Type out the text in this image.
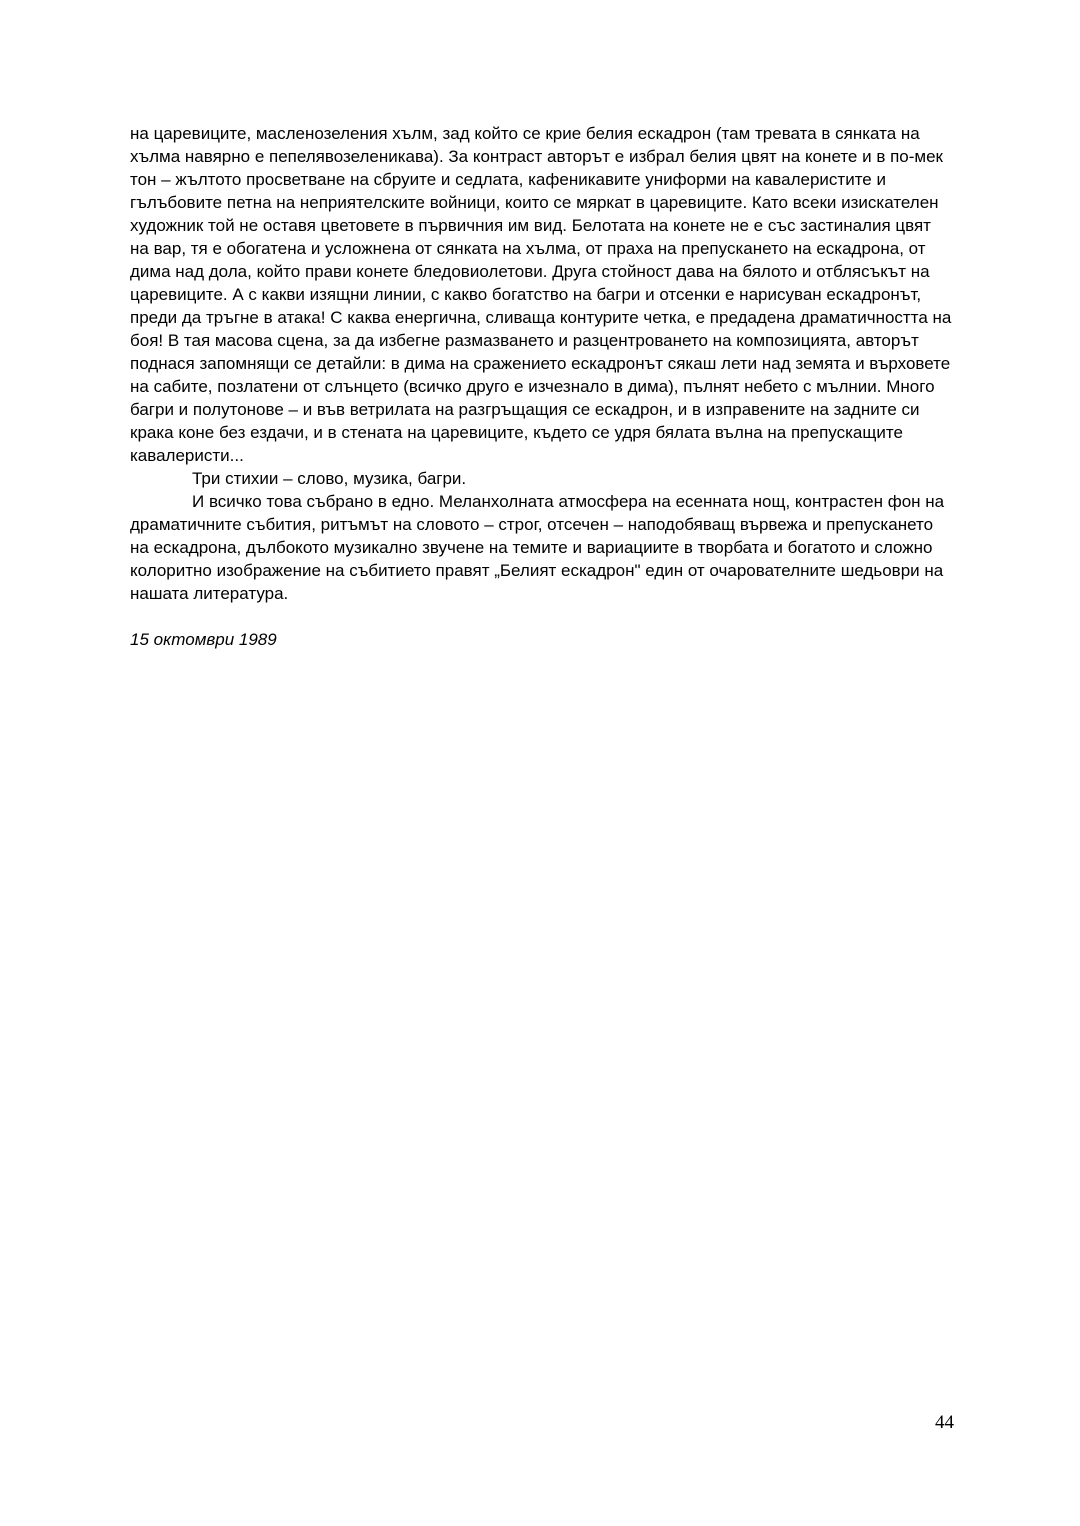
на царевиците, масленозеления хълм, зад който се крие белия ескадрон (там тревата в сянката на хълма навярно е пепелявозеленикава). За контраст авторът е избрал белия цвят на конете и в по-мек тон – жълтото просветване на сбруите и седлата, кафеникавите униформи на кавалеристите и гълъбовите петна на неприятелските войници, които се мяркат в царевиците. Като всеки изискателен художник той не оставя цветовете в първичния им вид. Белотата на конете не е със застиналия цвят на вар, тя е обогатена и усложнена от сянката на хълма, от праха на препускането на ескадрона, от дима над дола, който прави конете бледовиолетови. Друга стойност дава на бялото и отблясъкът на царевиците. А с какви изящни линии, с какво богатство на багри и отсенки е нарисуван ескадронът, преди да тръгне в атака! С каква енергична, сливаща контурите четка, е предадена драматичността на боя! В тая масова сцена, за да избегне размазването и разцентроването на композицията, авторът поднася запомнящи се детайли: в дима на сражението ескадронът сякаш лети над земята и върховете на сабите, позлатени от слънцето (всичко друго е изчезнало в дима), пълнят небето с мълнии. Много багри и полутонове – и във ветрилата на разгръщащия се ескадрон, и в изправените на задните си крака коне без ездачи, и в стената на царевиците, където се удря бялата вълна на препускащите кавалеристи...

Три стихии – слово, музика, багри.

И всичко това събрано в едно. Меланхолната атмосфера на есенната нощ, контрастен фон на драматичните събития, ритъмът на словото – строг, отсечен – наподобяващ вървежа и препускането на ескадрона, дълбокото музикално звучене на темите и вариациите в творбата и богатото и сложно колоритно изображение на събитието правят „Белият ескадрон" един от очарователните шедьоври на нашата литература.

15 октомври 1989

44
